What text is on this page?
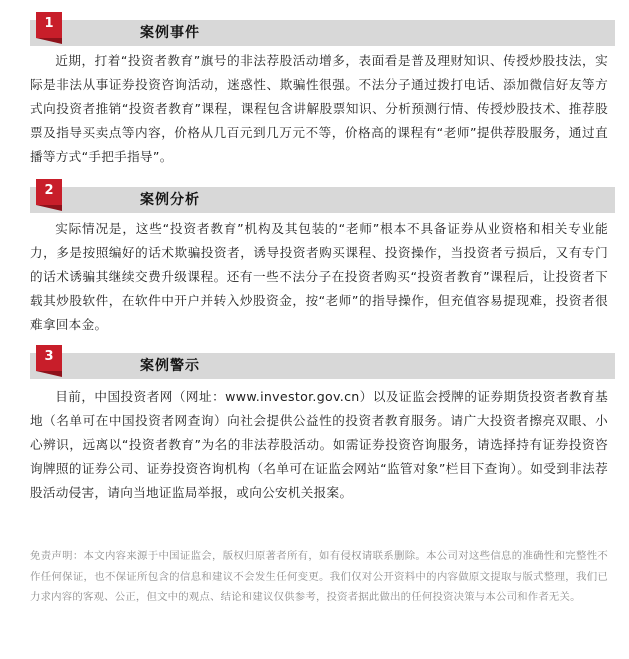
案例事件
1

近期，打着“投资者教育”旗号的非法荐股活动增多，表面看是普及理财知识、传授炒股技法，实际是非法从事证券投资咨询活动，迷惑性、欺骗性很强。不法分子通过拨打电话、添加微信好友等方式向投资者推销“投资者教育”课程，课程包含讲解股票知识、分析预测行情、传授炒股技术、推荐股票及指导买卖点等内容，价格从几百元到几万元不等，价格高的课程有“老师”提供荐股服务，通过直播等方式“手把手指导”。

案例分析
2

实际情况是，这些“投资者教育”机构及其包装的“老师”根本不具备证券从业资格和相关专业能力，多是按照编好的话术欺骗投资者，诱导投资者购买课程、投资操作，当投资者亏损后，又有专门的话术诱骗其继续交费升级课程。还有一些不法分子在投资者购买“投资者教育”课程后，让投资者下载其炒股软件，在软件中开户并转入炒股资金，按“老师”的指导操作，但充值容易提现难，投资者很难拿回本金。

案例警示
3

目前，中国投资者网（网址：www.investor.gov.cn）以及证监会授牌的证券期货投资者教育基地（名单可在中国投资者网查询）向社会提供公益性的投资者教育服务。请广大投资者擦亮双眼、小心辨识，远离以“投资者教育”为名的非法荐股活动。如需证券投资咨询服务，请选择持有证券投资咨询牌照的证券公司、证券投资咨询机构（名单可在证监会网站“监管对象”栏目下查询）。如受到非法荐股活动侵害，请向当地证监局举报，或向公安机关报案。

免责声明：本文内容来源于中国证监会，版权归原著者所有，如有侵权请联系删除。本公司对这些信息的准确性和完整性不作任何保证，也不保证所包含的信息和建议不会发生任何变更。我们仅对公开资料中的内容做原文提取与版式整理，我们已力求内容的客观、公正，但文中的观点、结论和建议仅供参考，投资者据此做出的任何投资决策与本公司和作者无关。
